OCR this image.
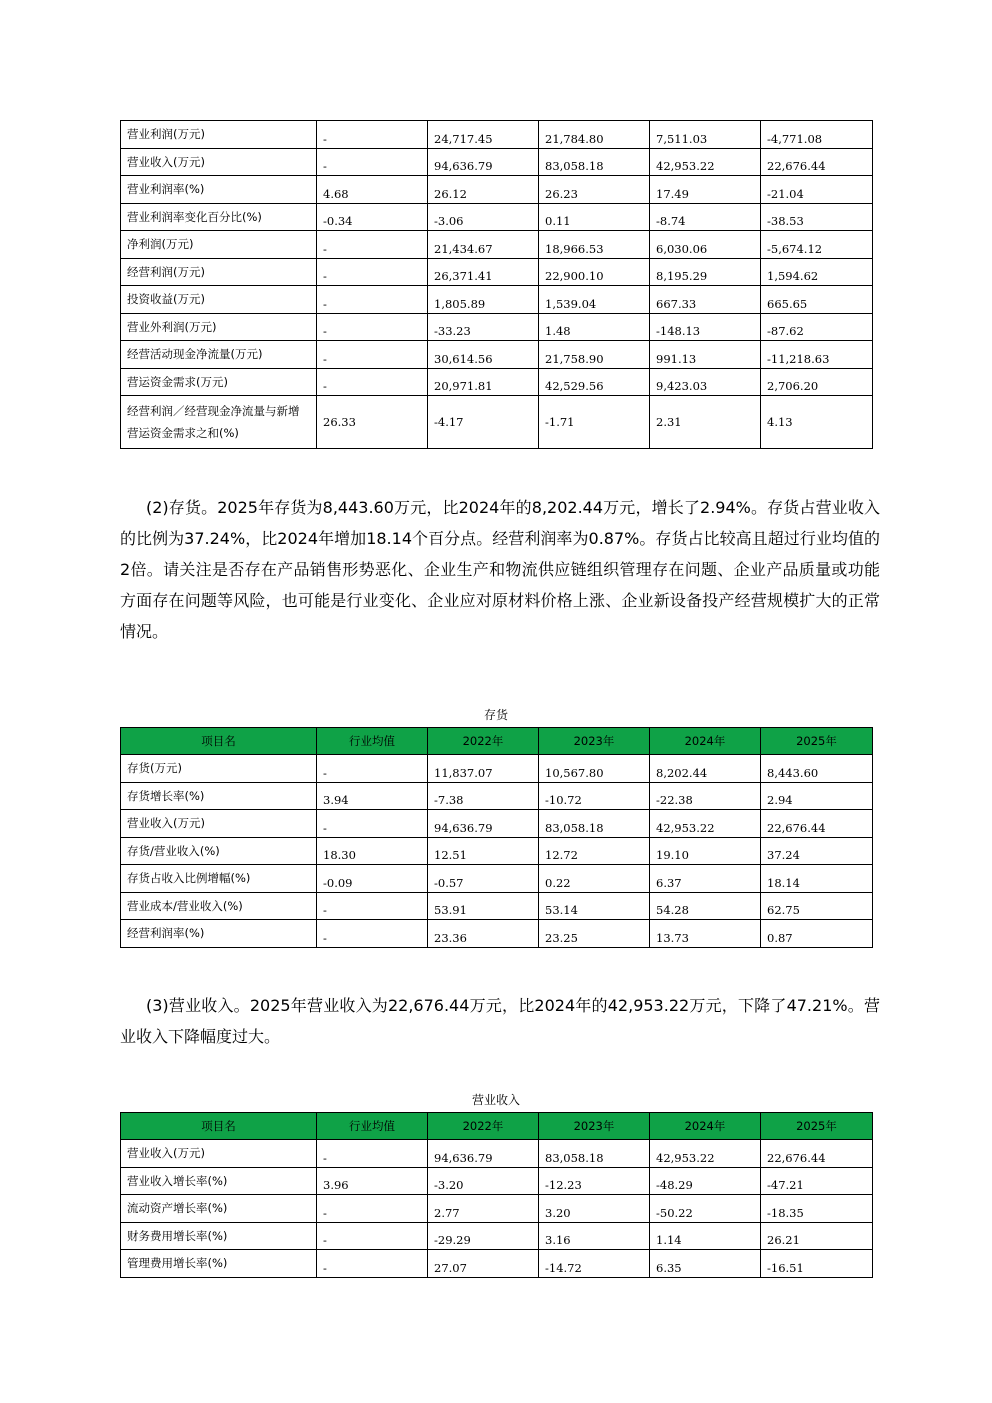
营业利润(万元)	-	24,717.45	21,784.80	7,511.03	-4,771.08
营业收入(万元)	-	94,636.79	83,058.18	42,953.22	22,676.44
营业利润率(%)	4.68	26.12	26.23	17.49	-21.04
营业利润率变化百分比(%)	-0.34	-3.06	0.11	-8.74	-38.53
净利润(万元)	-	21,434.67	18,966.53	6,030.06	-5,674.12
经营利润(万元)	-	26,371.41	22,900.10	8,195.29	1,594.62
投资收益(万元)	-	1,805.89	1,539.04	667.33	665.65
营业外利润(万元)	-	-33.23	1.48	-148.13	-87.62
经营活动现金净流量(万元)	-	30,614.56	21,758.90	991.13	-11,218.63
营运资金需求(万元)	-	20,971.81	42,529.56	9,423.03	2,706.20
经营利润／经营现金净流量与新增营运资金需求之和(%)	26.33	-4.17	-1.71	2.31	4.13
(2)存货。2025年存货为8,443.60万元，比2024年的8,202.44万元，增长了2.94%。存货占营业收入的比例为37.24%，比2024年增加18.14个百分点。经营利润率为0.87%。存货占比较高且超过行业均值的2倍。请关注是否存在产品销售形势恶化、企业生产和物流供应链组织管理存在问题、企业产品质量或功能方面存在问题等风险，也可能是行业变化、企业应对原材料价格上涨、企业新设备投产经营规模扩大的正常情况。
存货
项目名	行业均值	2022年	2023年	2024年	2025年
存货(万元)	-	11,837.07	10,567.80	8,202.44	8,443.60
存货增长率(%)	3.94	-7.38	-10.72	-22.38	2.94
营业收入(万元)	-	94,636.79	83,058.18	42,953.22	22,676.44
存货/营业收入(%)	18.30	12.51	12.72	19.10	37.24
存货占收入比例增幅(%)	-0.09	-0.57	0.22	6.37	18.14
营业成本/营业收入(%)	-	53.91	53.14	54.28	62.75
经营利润率(%)	-	23.36	23.25	13.73	0.87
(3)营业收入。2025年营业收入为22,676.44万元，比2024年的42,953.22万元，下降了47.21%。营业收入下降幅度过大。
营业收入
项目名	行业均值	2022年	2023年	2024年	2025年
营业收入(万元)	-	94,636.79	83,058.18	42,953.22	22,676.44
营业收入增长率(%)	3.96	-3.20	-12.23	-48.29	-47.21
流动资产增长率(%)	-	2.77	3.20	-50.22	-18.35
财务费用增长率(%)	-	-29.29	3.16	1.14	26.21
管理费用增长率(%)	-	27.07	-14.72	6.35	-16.51
